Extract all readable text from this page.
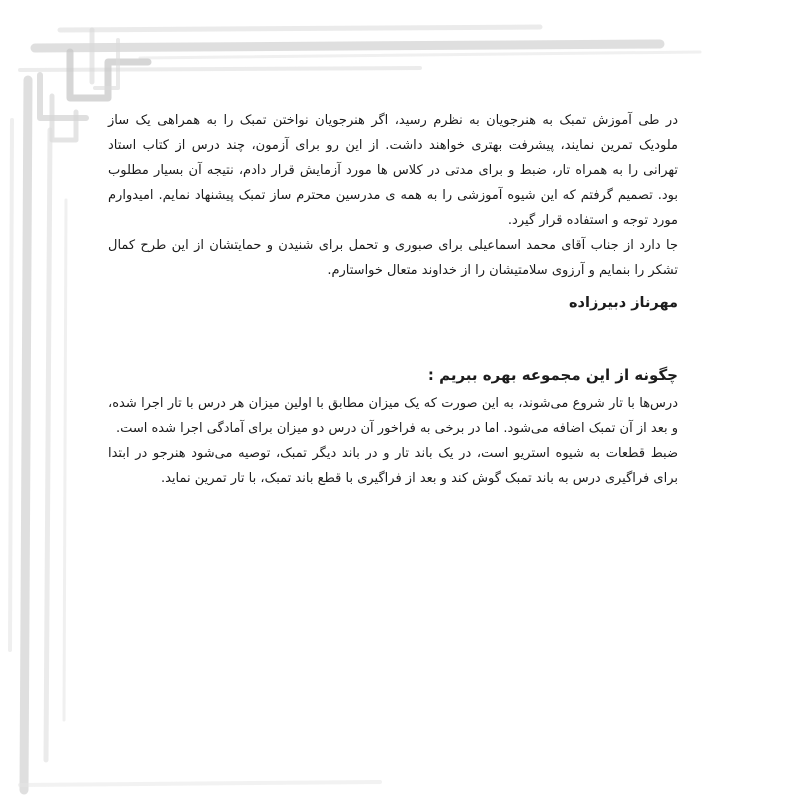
در طی آموزش تمبک به هنرجویان به نظرم رسید، اگر هنرجویان نواختن تمبک را به همراهی یک ساز ملودیک تمرین نمایند، پیشرفت بهتری خواهند داشت. از این رو برای آزمون، چند درس از کتاب استاد تهرانی را به همراه تار، ضبط و برای مدتی در کلاس ها مورد آزمایش قرار دادم، نتیجه آن بسیار مطلوب بود. تصمیم گرفتم که این شیوه آموزشی را به همه ی مدرسین محترم ساز تمبک پیشنهاد نمایم. امیدوارم مورد توجه و استفاده قرار گیرد.

جا دارد از جناب آقای محمد اسماعیلی برای صبوری و تحمل برای شنیدن و حمایتشان از این طرح کمال تشکر را بنمایم و آرزوی سلامتیشان را از خداوند متعال خواستارم.

مهرناز دبیرزاده

چگونه از این مجموعه بهره ببریم :

درس‌ها با تار شروع می‌شوند، به این صورت که یک میزان مطابق با اولین میزان هر درس با تار اجرا شده، و بعد از آن تمبک اضافه می‌شود. اما در برخی به فراخور آن درس دو میزان برای آمادگی اجرا شده است.

ضبط قطعات به شیوه استریو است، در یک باند تار و در باند دیگر تمبک، توصیه می‌شود هنرجو در ابتدا برای فراگیری درس به باند تمبک گوش کند و بعد از فراگیری با قطع باند تمبک، با تار تمرین نماید.
